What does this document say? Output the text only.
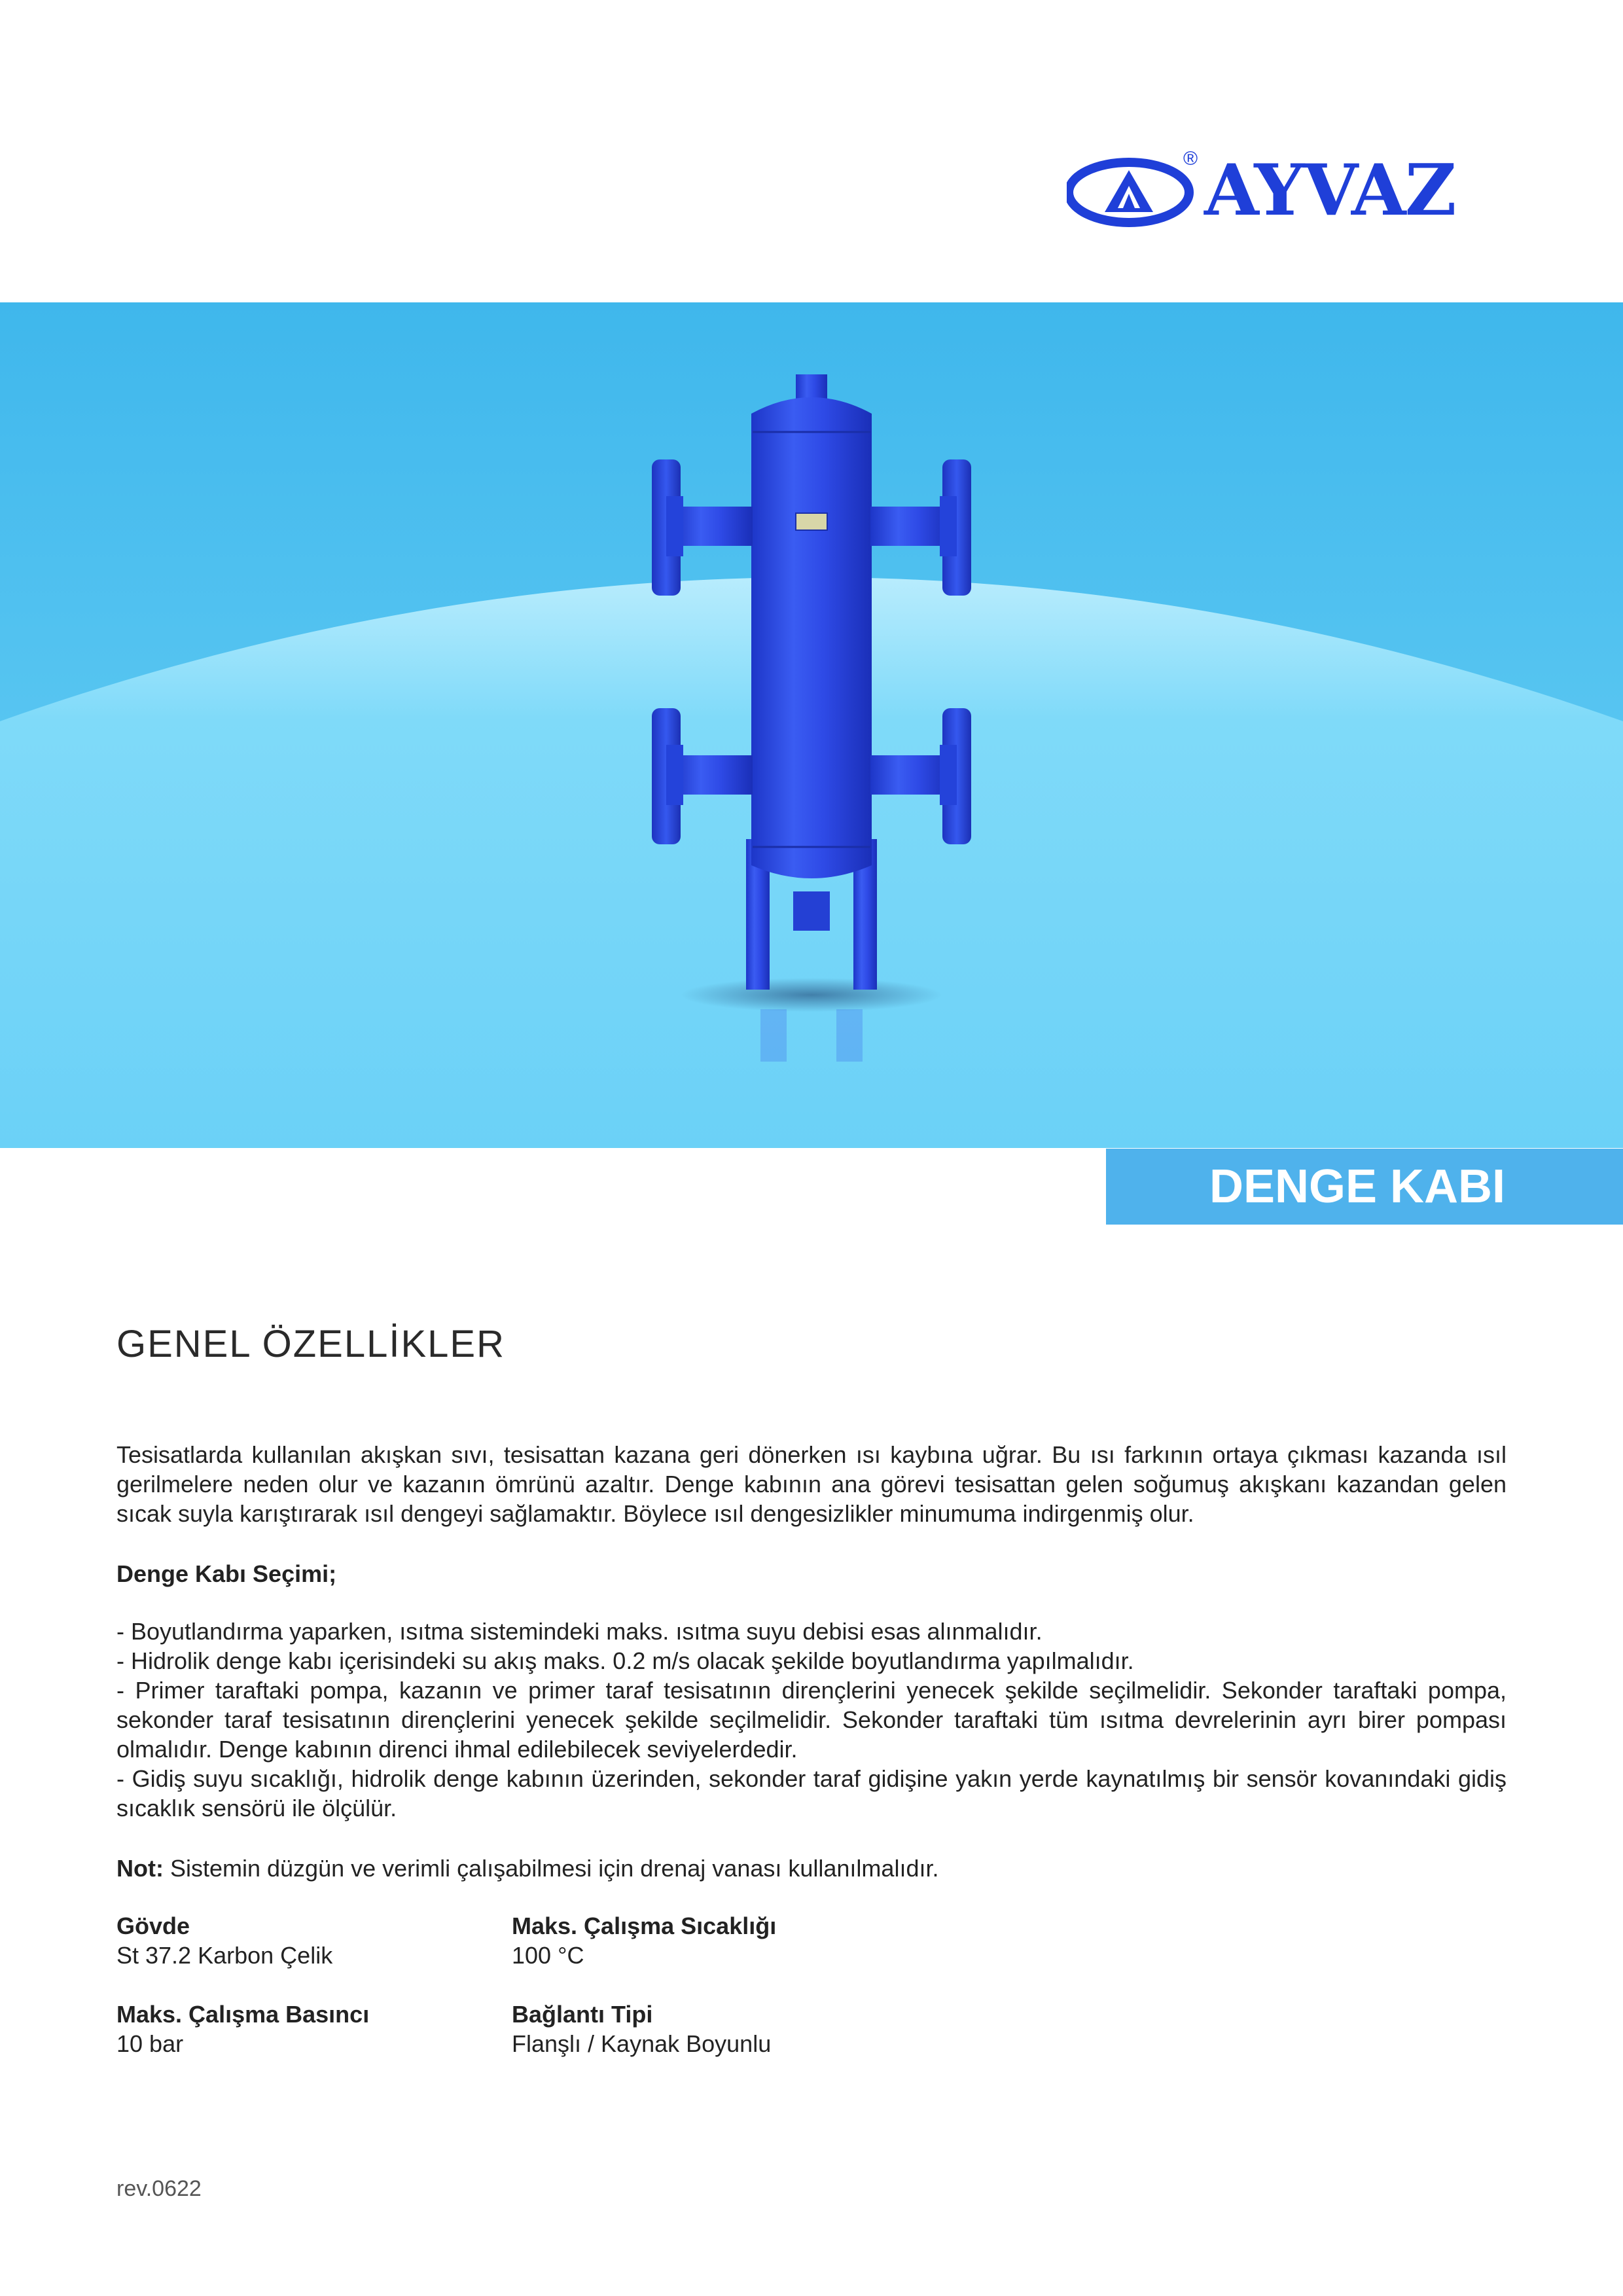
AYVAZ
®
DENGE KABI
GENEL ÖZELLİKLER
Tesisatlarda kullanılan akışkan sıvı, tesisattan kazana geri dönerken ısı kaybına uğrar. Bu ısı farkının ortaya çıkması kazanda ısıl gerilmelere neden olur ve kazanın ömrünü azaltır. Denge kabının ana görevi tesisattan gelen soğumuş akışkanı kazandan gelen sıcak suyla karıştırarak ısıl dengeyi sağlamaktır. Böylece ısıl dengesizlikler minumuma indirgenmiş olur.
Denge Kabı Seçimi;
- Boyutlandırma yaparken, ısıtma sistemindeki maks. ısıtma suyu debisi esas alınmalıdır.
- Hidrolik denge kabı içerisindeki su akış maks. 0.2 m/s olacak şekilde boyutlandırma yapılmalıdır.
- Primer taraftaki pompa, kazanın ve primer taraf tesisatının dirençlerini yenecek şekilde seçilmelidir. Sekonder taraftaki pompa, sekonder taraf tesisatının dirençlerini yenecek şekilde seçilmelidir. Sekonder taraftaki tüm ısıtma devrelerinin ayrı birer pompası olmalıdır. Denge kabının direnci ihmal edilebilecek seviyelerdedir.
- Gidiş suyu sıcaklığı, hidrolik denge kabının üzerinden, sekonder taraf gidişine yakın yerde kaynatılmış bir sensör kovanındaki gidiş sıcaklık sensörü ile ölçülür.
Not: Sistemin düzgün ve verimli çalışabilmesi için drenaj vanası kullanılmalıdır.
Gövde
St 37.2 Karbon Çelik
Maks. Çalışma Sıcaklığı
100 °C
Maks. Çalışma Basıncı
10 bar
Bağlantı Tipi
Flanşlı / Kaynak Boyunlu
rev.0622
